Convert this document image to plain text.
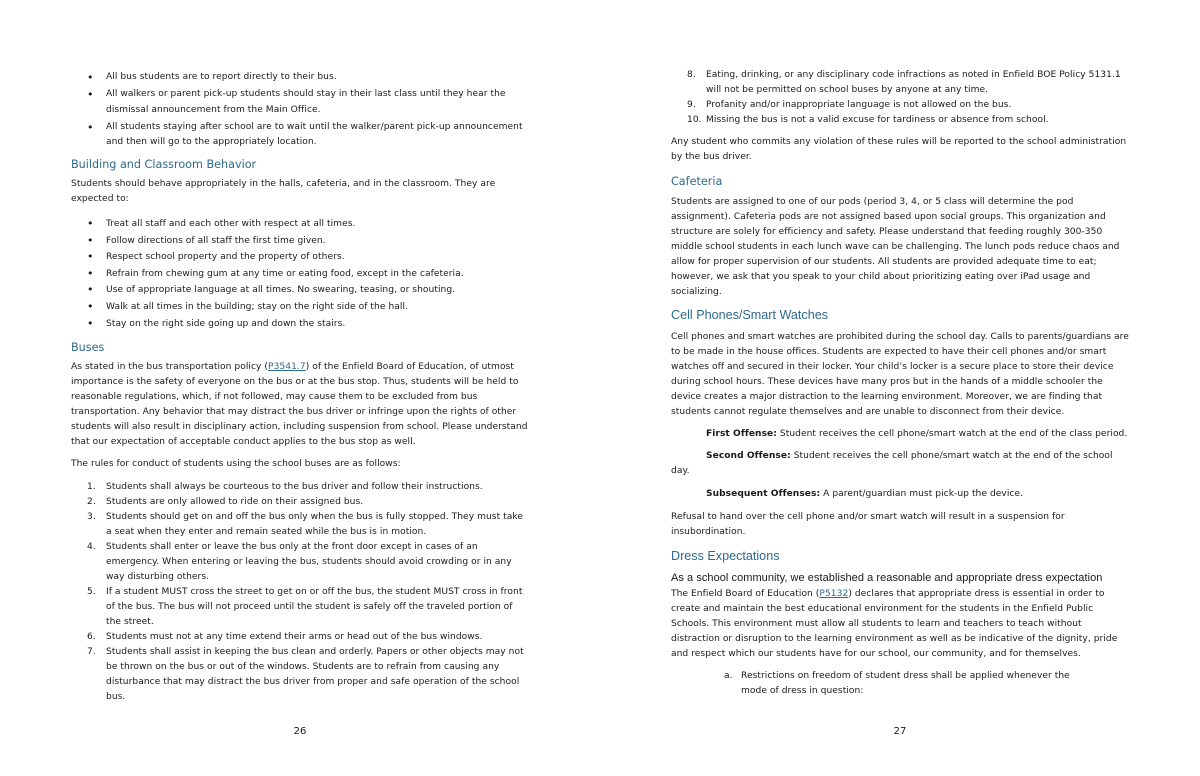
• All bus students are to report directly to their bus.
• All walkers or parent pick-up students should stay in their last class until they hear the dismissal announcement from the Main Office.
• All students staying after school are to wait until the walker/parent pick-up announcement and then will go to the appropriately location.
Building and Classroom Behavior

Students should behave appropriately in the halls, cafeteria, and in the classroom. They are expected to:

• Treat all staff and each other with respect at all times.
• Follow directions of all staff the first time given.
• Respect school property and the property of others.
• Refrain from chewing gum at any time or eating food, except in the cafeteria.
• Use of appropriate language at all times. No swearing, teasing, or shouting.
• Walk at all times in the building; stay on the right side of the hall.
• Stay on the right side going up and down the stairs.
Buses

As stated in the bus transportation policy (P3541.7) of the Enfield Board of Education, of utmost importance is the safety of everyone on the bus or at the bus stop. Thus, students will be held to reasonable regulations, which, if not followed, may cause them to be excluded from bus transportation. Any behavior that may distract the bus driver or infringe upon the rights of other students will also result in disciplinary action, including suspension from school. Please understand that our expectation of acceptable conduct applies to the bus stop as well.

The rules for conduct of students using the school buses are as follows:

1. Students shall always be courteous to the bus driver and follow their instructions.
2. Students are only allowed to ride on their assigned bus.
3. Students should get on and off the bus only when the bus is fully stopped. They must take a seat when they enter and remain seated while the bus is in motion.
4. Students shall enter or leave the bus only at the front door except in cases of an emergency. When entering or leaving the bus, students should avoid crowding or in any way disturbing others.
5. If a student MUST cross the street to get on or off the bus, the student MUST cross in front of the bus. The bus will not proceed until the student is safely off the traveled portion of the street.
6. Students must not at any time extend their arms or head out of the bus windows.
7. Students shall assist in keeping the bus clean and orderly. Papers or other objects may not be thrown on the bus or out of the windows. Students are to refrain from causing any disturbance that may distract the bus driver from proper and safe operation of the school bus.
26
8. Eating, drinking, or any disciplinary code infractions as noted in Enfield BOE Policy 5131.1 will not be permitted on school buses by anyone at any time.
9. Profanity and/or inappropriate language is not allowed on the bus.
10. Missing the bus is not a valid excuse for tardiness or absence from school.

Any student who commits any violation of these rules will be reported to the school administration by the bus driver.

Cafeteria

Students are assigned to one of our pods (period 3, 4, or 5 class will determine the pod assignment). Cafeteria pods are not assigned based upon social groups. This organization and structure are solely for efficiency and safety. Please understand that feeding roughly 300-350 middle school students in each lunch wave can be challenging. The lunch pods reduce chaos and allow for proper supervision of our students. All students are provided adequate time to eat; however, we ask that you speak to your child about prioritizing eating over iPad usage and socializing.

Cell Phones/Smart Watches

Cell phones and smart watches are prohibited during the school day. Calls to parents/guardians are to be made in the house offices. Students are expected to have their cell phones and/or smart watches off and secured in their locker. Your child’s locker is a secure place to store their device during school hours. These devices have many pros but in the hands of a middle schooler the device creates a major distraction to the learning environment. Moreover, we are finding that students cannot regulate themselves and are unable to disconnect from their device.

First Offense: Student receives the cell phone/smart watch at the end of the class period.

Second Offense: Student receives the cell phone/smart watch at the end of the school day.

Subsequent Offenses: A parent/guardian must pick-up the device.

Refusal to hand over the cell phone and/or smart watch will result in a suspension for insubordination.

Dress Expectations

As a school community, we established a reasonable and appropriate dress expectation

The Enfield Board of Education (P5132) declares that appropriate dress is essential in order to create and maintain the best educational environment for the students in the Enfield Public Schools. This environment must allow all students to learn and teachers to teach without distraction or disruption to the learning environment as well as be indicative of the dignity, pride and respect which our students have for our school, our community, and for themselves.

a. Restrictions on freedom of student dress shall be applied whenever the mode of dress in question:
27
